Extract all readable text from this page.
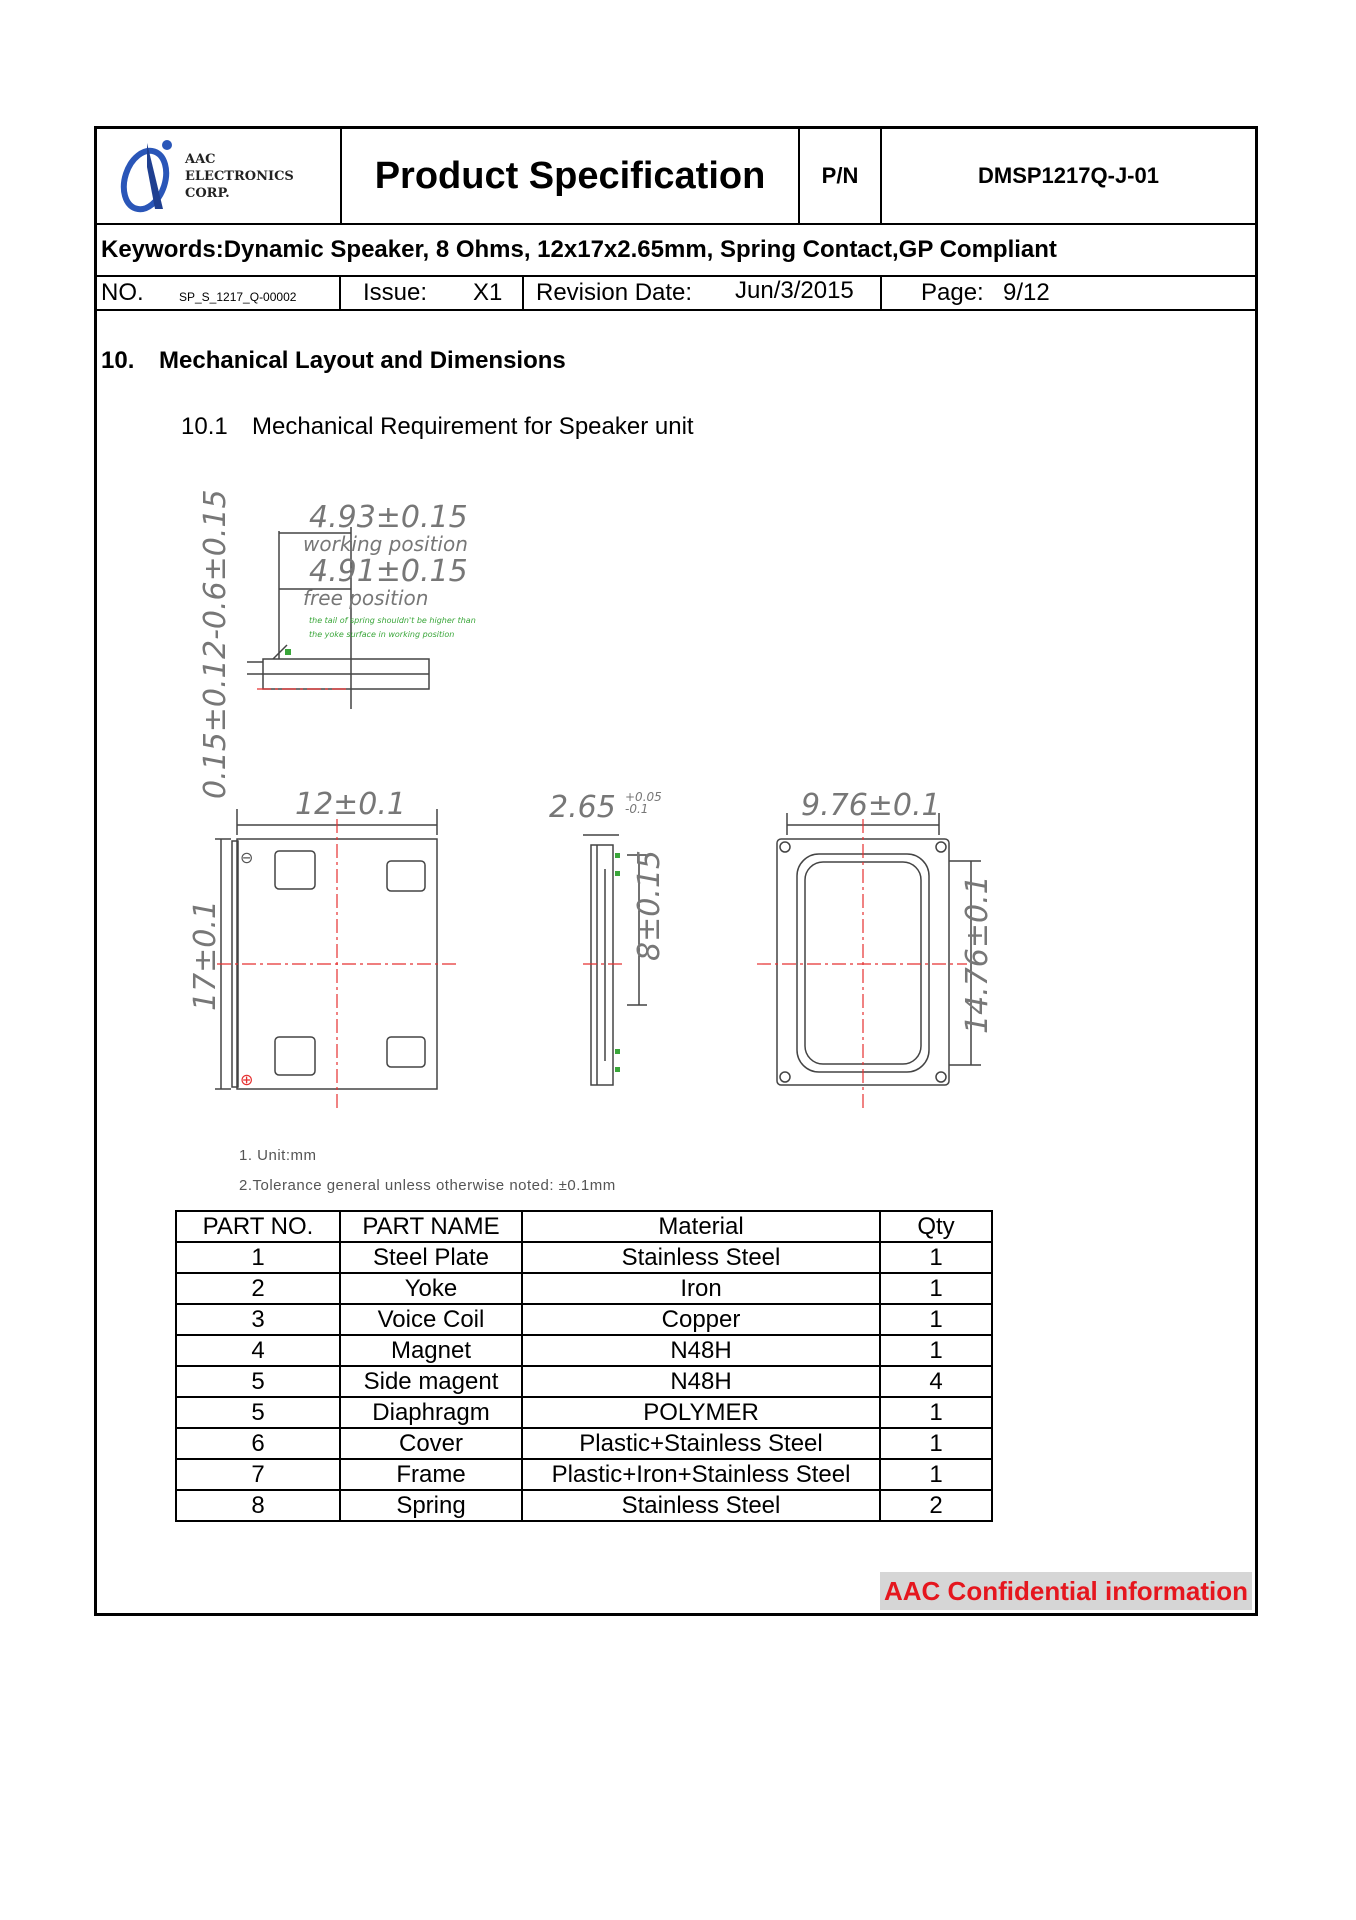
AAC
ELECTRONICS
CORP.	Product Specification	P/N	DMSP1217Q-J-01
Keywords:Dynamic Speaker, 8 Ohms, 12x17x2.65mm, Spring Contact,GP Compliant
NO.	SP_S_1217_Q-00002	Issue: X1 Revision Date: Jun/3/2015	Page: 9/12
10. Mechanical Layout and Dimensions
10.1 Mechanical Requirement for Speaker unit
2-0.6±0.15	4.93±0.15
working position
4.91±0.15
free position
the tail of spring shouldn't be higher than
the yoke surface in working position
0.15±0.1
12±0.1
17±0.1
2.65 +0.05
-0.1
8±0.15
9.76±0.1
14.76±0.1
⊖
⊕
1. Unit:mm
2.Tolerance general unless otherwise noted: ±0.1mm
AAC Confidential information
PART NO.	PART NAME	Material	Qty
1	Steel Plate	Stainless Steel	1
2	Yoke	Iron	1
3	Voice Coil	Copper	1
4	Magnet	N48H	1
5	Side magent	N48H	4
5	Diaphragm	POLYMER	1
6	Cover	Plastic+Stainless Steel	1
7	Frame	Plastic+Iron+Stainless Steel	1
8	Spring	Stainless Steel	2
